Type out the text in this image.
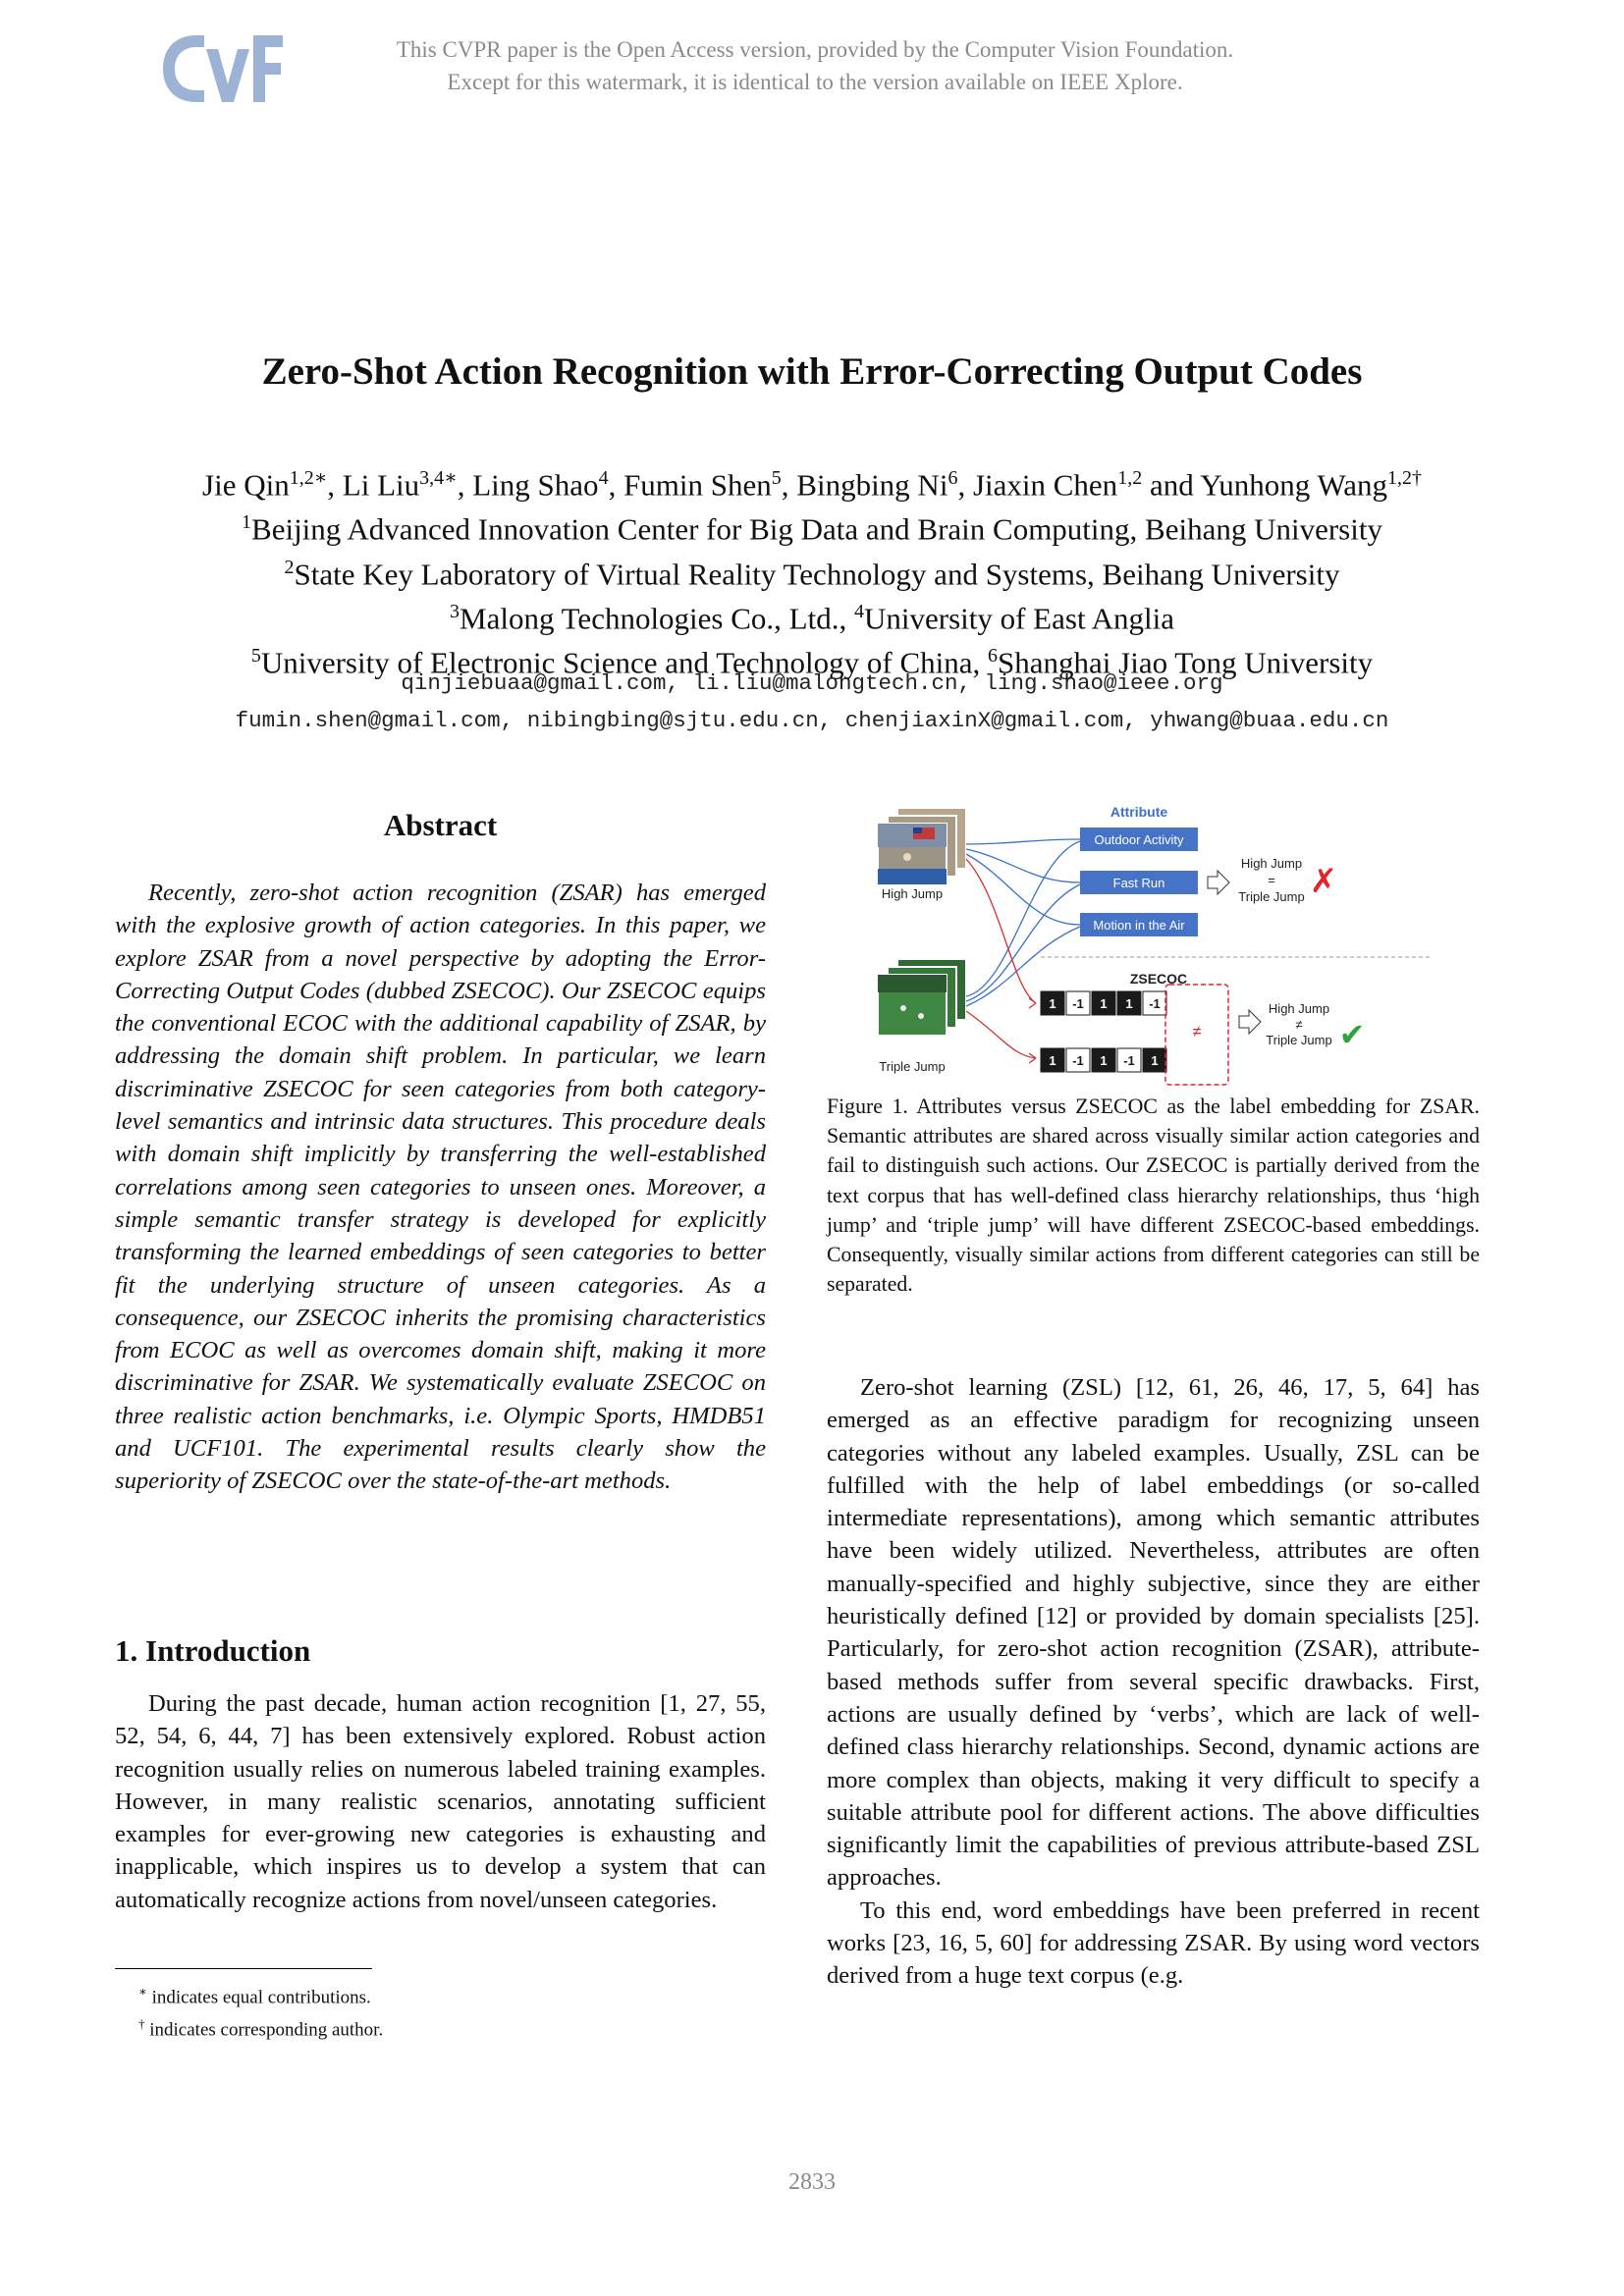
This CVPR paper is the Open Access version, provided by the Computer Vision Foundation.
Except for this watermark, it is identical to the version available on IEEE Xplore.
Zero-Shot Action Recognition with Error-Correcting Output Codes
Jie Qin$^{1,2∗}$, Li Liu$^{3,4∗}$, Ling Shao$^4$, Fumin Shen$^5$, Bingbing Ni$^6$, Jiaxin Chen$^{1,2}$ and Yunhong Wang$^{1,2\dagger}$
$^1$Beijing Advanced Innovation Center for Big Data and Brain Computing, Beihang University
$^2$State Key Laboratory of Virtual Reality Technology and Systems, Beihang University
$^3$Malong Technologies Co., Ltd., $^4$University of East Anglia
$^5$University of Electronic Science and Technology of China, $^6$Shanghai Jiao Tong University
qinjiebuaa@gmail.com, li.liu@malongtech.cn, ling.shao@ieee.org
fumin.shen@gmail.com, nibingbing@sjtu.edu.cn, chenjiaxinX@gmail.com, yhwang@buaa.edu.cn
Abstract

Recently, zero-shot action recognition (ZSAR) has emerged with the explosive growth of action categories. In this paper, we explore ZSAR from a novel perspective by adopting the Error-Correcting Output Codes (dubbed ZSECOC). Our ZSECOC equips the conventional ECOC with the additional capability of ZSAR, by addressing the domain shift problem. In particular, we learn discriminative ZSECOC for seen categories from both category-level semantics and intrinsic data structures. This procedure deals with domain shift implicitly by transferring the well-established correlations among seen categories to unseen ones. Moreover, a simple semantic transfer strategy is developed for explicitly transforming the learned embeddings of seen categories to better fit the underlying structure of unseen categories. As a consequence, our ZSECOC inherits the promising characteristics from ECOC as well as overcomes domain shift, making it more discriminative for ZSAR. We systematically evaluate ZSECOC on three realistic action benchmarks, i.e. Olympic Sports, HMDB51 and UCF101. The experimental results clearly show the superiority of ZSECOC over the state-of-the-art methods.

1. Introduction

During the past decade, human action recognition [1, 27, 55, 52, 54, 6, 44, 7] has been extensively explored. Robust action recognition usually relies on numerous labeled training examples. However, in many realistic scenarios, annotating sufficient examples for ever-growing new categories is exhausting and inapplicable, which inspires us to develop a system that can automatically recognize actions from novel/unseen categories.

∗ indicates equal contributions.
† indicates corresponding author.
High Jump
Triple Jump
Attribute
Outdoor Activity
Fast Run
Motion in the Air
High Jump
=
Triple Jump ✗
ZSECOC
1 -1 1 1 -1
1 -1 1 -1 1
≠
High Jump
≠
Triple Jump ✔
Figure 1. Attributes versus ZSECOC as the label embedding for ZSAR. Semantic attributes are shared across visually similar action categories and fail to distinguish such actions. Our ZSECOC is partially derived from the text corpus that has well-defined class hierarchy relationships, thus ‘high jump’ and ‘triple jump’ will have different ZSECOC-based embeddings. Consequently, visually similar actions from different categories can still be separated.

Zero-shot learning (ZSL) [12, 61, 26, 46, 17, 5, 64] has emerged as an effective paradigm for recognizing unseen categories without any labeled examples. Usually, ZSL can be fulfilled with the help of label embeddings (or so-called intermediate representations), among which semantic attributes have been widely utilized. Nevertheless, attributes are often manually-specified and highly subjective, since they are either heuristically defined [12] or provided by domain specialists [25]. Particularly, for zero-shot action recognition (ZSAR), attribute-based methods suffer from several specific drawbacks. First, actions are usually defined by ‘verbs’, which are lack of well-defined class hierarchy relationships. Second, dynamic actions are more complex than objects, making it very difficult to specify a suitable attribute pool for different actions. The above difficulties significantly limit the capabilities of previous attribute-based ZSL approaches.

To this end, word embeddings have been preferred in recent works [23, 16, 5, 60] for addressing ZSAR. By using word vectors derived from a huge text corpus (e.g.

2833
